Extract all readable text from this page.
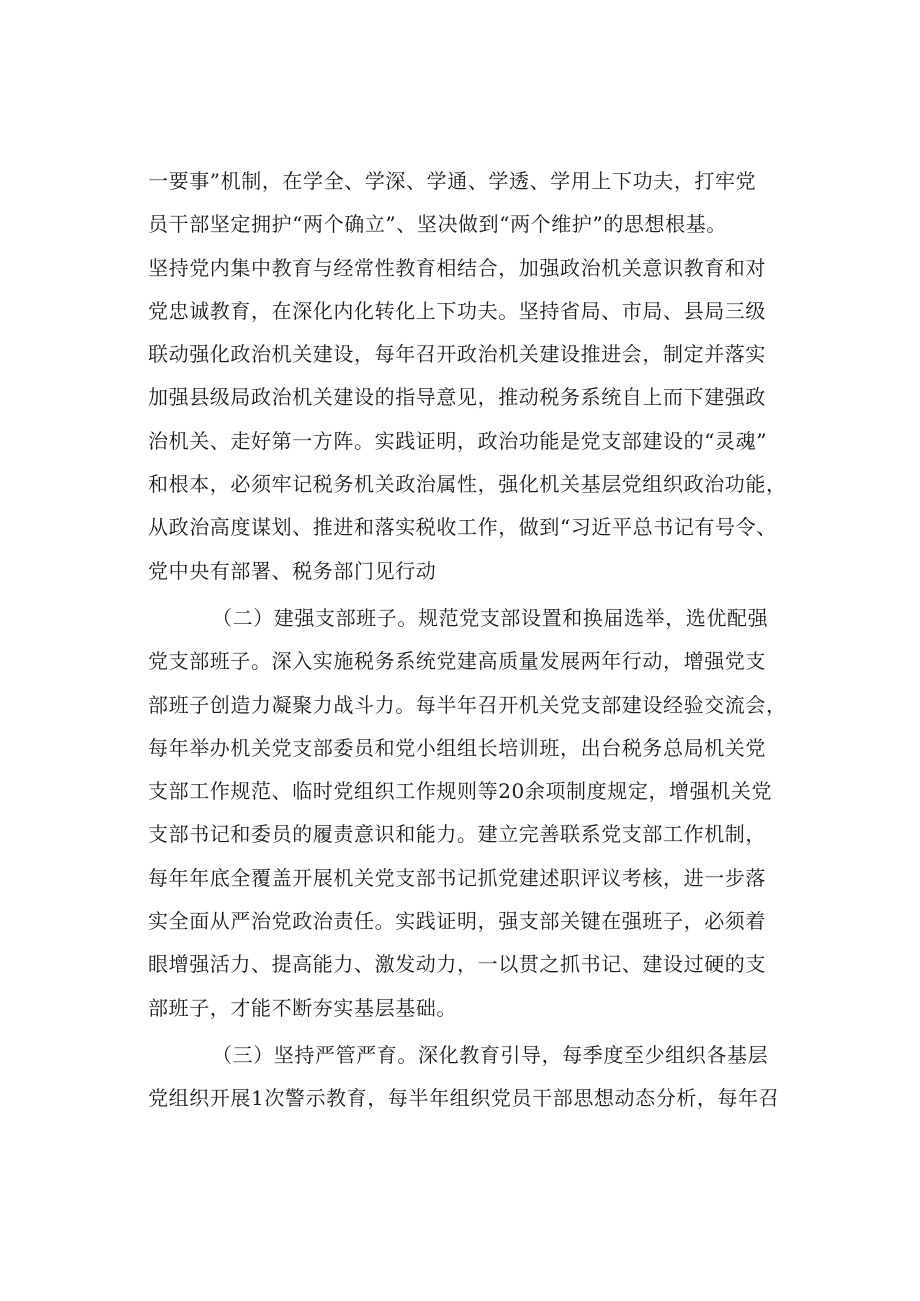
一要事”机制，在学全、学深、学通、学透、学用上下功夫，打牢党
员干部坚定拥护“两个确立”、坚决做到“两个维护”的思想根基。
坚持党内集中教育与经常性教育相结合，加强政治机关意识教育和对
党忠诚教育，在深化内化转化上下功夫。坚持省局、市局、县局三级
联动强化政治机关建设，每年召开政治机关建设推进会，制定并落实
加强县级局政治机关建设的指导意见，推动税务系统自上而下建强政
治机关、走好第一方阵。实践证明，政治功能是党支部建设的“灵魂”
和根本，必须牢记税务机关政治属性，强化机关基层党组织政治功能，
从政治高度谋划、推进和落实税收工作，做到“习近平总书记有号令、
党中央有部署、税务部门见行动
（二）建强支部班子。规范党支部设置和换届选举，选优配强
党支部班子。深入实施税务系统党建高质量发展两年行动，增强党支
部班子创造力凝聚力战斗力。每半年召开机关党支部建设经验交流会，
每年举办机关党支部委员和党小组组长培训班，出台税务总局机关党
支部工作规范、临时党组织工作规则等20余项制度规定，增强机关党
支部书记和委员的履责意识和能力。建立完善联系党支部工作机制，
每年年底全覆盖开展机关党支部书记抓党建述职评议考核，进一步落
实全面从严治党政治责任。实践证明，强支部关键在强班子，必须着
眼增强活力、提高能力、激发动力，一以贯之抓书记、建设过硬的支
部班子，才能不断夯实基层基础。
（三）坚持严管严育。深化教育引导，每季度至少组织各基层
党组织开展1次警示教育，每半年组织党员干部思想动态分析，每年召
